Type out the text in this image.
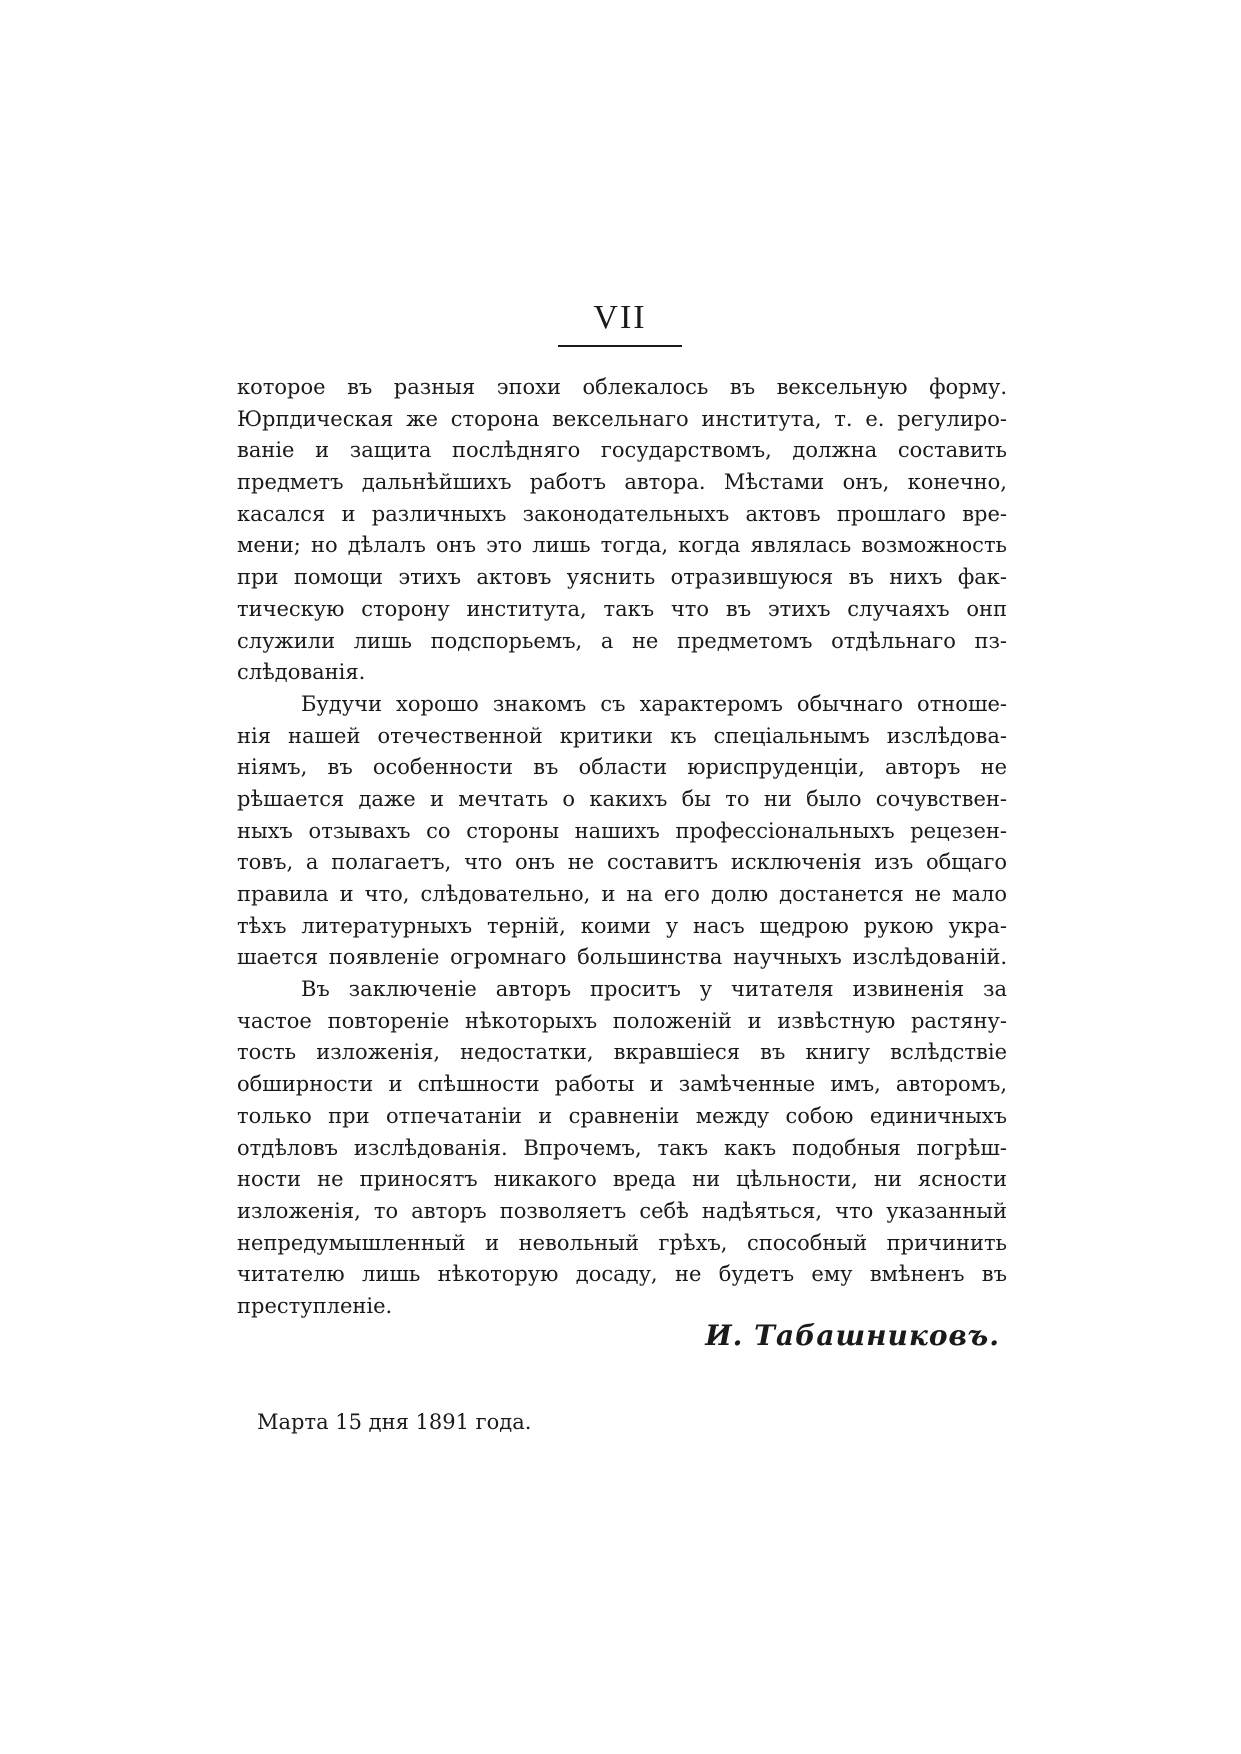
VII
которое въ разныя эпохи облекалось въ вексельную форму.
Юрпдическая же сторона вексельнаго института, т. е. регулиро-
ванie и защита послѣдняго государствомъ, должна составить
предметъ дальнѣйшихъ работъ автора. Мѣстами онъ, конечно,
касался и различныхъ законодательныхъ актовъ прошлаго вре-
мени; но дѣлалъ онъ это лишь тогда, когда являлась возможность
при помощи этихъ актовъ уяснить отразившуюся въ нихъ фак-
тическую сторону института, такъ что въ этихъ случаяхъ онп
служили лишь подспорьемъ, а не предметомъ отдѣльнаго пз-
слѣдованія.
Будучи хорошо знакомъ съ характеромъ обычнаго отноше-
нія нашей отечественной критики къ спеціальнымъ изслѣдова-
ніямъ, въ особенности въ области юриспруденціи, авторъ не
рѣшается даже и мечтать о какихъ бы то ни было сочувствен-
ныхъ отзывахъ со стороны нашихъ профессіональныхъ рецезен-
товъ, а полагаетъ, что онъ не составитъ исключенія изъ общаго
правила и что, слѣдовательно, и на его долю достанется не мало
тѣхъ литературныхъ терній, коими у насъ щедрою рукою укра-
шается появленіе огромнаго большинства научныхъ изслѣдованій.
Въ заключеніе авторъ проситъ у читателя извиненія за
частое повтореніе нѣкоторыхъ положеній и извѣстную растяну-
тость изложенія, недостатки, вкравшіеся въ книгу вслѣдствіе
обширности и спѣшности работы и замѣченные имъ, авторомъ,
только при отпечатаніи и сравненіи между собою единичныхъ
отдѣловъ изслѣдованія. Впрочемъ, такъ какъ подобныя погрѣш-
ности не приносятъ никакого вреда ни цѣльности, ни ясности
изложенія, то авторъ позволяетъ себѣ надѣяться, что указанный
непредумышленный и невольный грѣхъ, способный причинить
читателю лишь нѣкоторую досаду, не будетъ ему вмѣненъ въ
преступленіе.
И. Табашниковъ.
Марта 15 дня 1891 года.
